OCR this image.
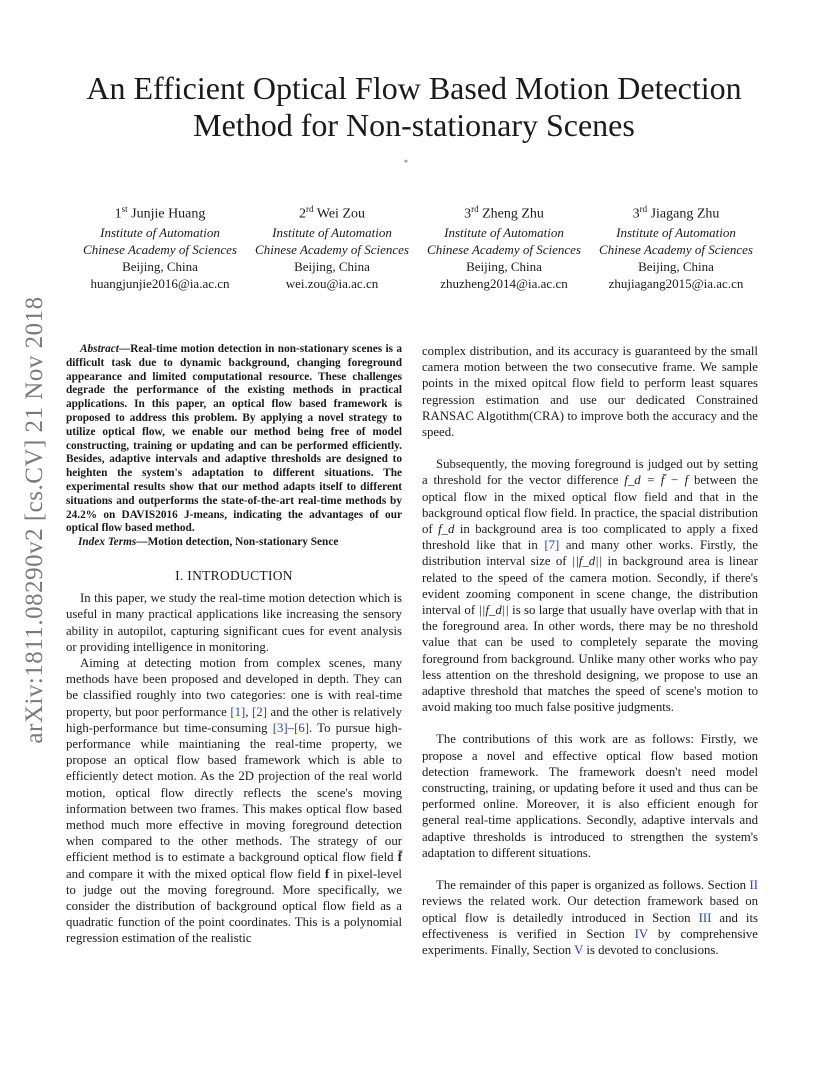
arXiv:1811.08290v2 [cs.CV] 21 Nov 2018
An Efficient Optical Flow Based Motion Detection Method for Non-stationary Scenes
*
1st Junjie Huang
Institute of Automation
Chinese Academy of Sciences
Beijing, China
huangjunjie2016@ia.ac.cn
2rd Wei Zou
Institute of Automation
Chinese Academy of Sciences
Beijing, China
wei.zou@ia.ac.cn
3rd Zheng Zhu
Institute of Automation
Chinese Academy of Sciences
Beijing, China
zhuzheng2014@ia.ac.cn
3rd Jiagang Zhu
Institute of Automation
Chinese Academy of Sciences
Beijing, China
zhujiagang2015@ia.ac.cn

Abstract—Real-time motion detection in non-stationary scenes is a difficult task due to dynamic background, changing foreground appearance and limited computational resource. These challenges degrade the performance of the existing methods in practical applications. In this paper, an optical flow based framework is proposed to address this problem. By applying a novel strategy to utilize optical flow, we enable our method being free of model constructing, training or updating and can be performed efficiently. Besides, adaptive intervals and adaptive thresholds are designed to heighten the system's adaptation to different situations. The experimental results show that our method adapts itself to different situations and outperforms the state-of-the-art real-time methods by 24.2% on DAVIS2016 J-means, indicating the advantages of our optical flow based method.

Index Terms—Motion detection, Non-stationary Sence

I. INTRODUCTION

In this paper, we study the real-time motion detection which is useful in many practical applications like increasing the sensory ability in autopilot, capturing significant cues for event analysis or providing intelligence in monitoring.

Aiming at detecting motion from complex scenes, many methods have been proposed and developed in depth. They can be classified roughly into two categories: one is with real-time property, but poor performance [1], [2] and the other is relatively high-performance but time-consuming [3]–[6]. To pursue high-performance while maintianing the real-time property, we propose an optical flow based framework which is able to efficiently detect motion. As the 2D projection of the real world motion, optical flow directly reflects the scene's moving information between two frames. This makes optical flow based method much more effective in moving foreground detection when compared to the other methods. The strategy of our efficient method is to estimate a background optical flow field f̄ and compare it with the mixed optical flow field f in pixel-level to judge out the moving foreground. More specifically, we consider the distribution of background optical flow field as a quadratic function of the point coordinates. This is a polynomial regression estimation of the realistic

complex distribution, and its accuracy is guaranteed by the small camera motion between the two consecutive frame. We sample points in the mixed opitcal flow field to perform least squares regression estimation and use our dedicated Constrained RANSAC Algotithm(CRA) to improve both the accuracy and the speed.

Subsequently, the moving foreground is judged out by setting a threshold for the vector difference f_d = f̄ − f between the optical flow in the mixed optical flow field and that in the background optical flow field. In practice, the spacial distribution of f_d in background area is too complicated to apply a fixed threshold like that in [7] and many other works. Firstly, the distribution interval size of ||f_d|| in background area is linear related to the speed of the camera motion. Secondly, if there's evident zooming component in scene change, the distribution interval of ||f_d|| is so large that usually have overlap with that in the foreground area. In other words, there may be no threshold value that can be used to completely separate the moving foreground from background. Unlike many other works who pay less attention on the threshold designing, we propose to use an adaptive threshold that matches the speed of scene's motion to avoid making too much false positive judgments.

The contributions of this work are as follows: Firstly, we propose a novel and effective optical flow based motion detection framework. The framework doesn't need model constructing, training, or updating before it used and thus can be performed online. Moreover, it is also efficient enough for general real-time applications. Secondly, adaptive intervals and adaptive thresholds is introduced to strengthen the system's adaptation to different situations.

The remainder of this paper is organized as follows. Section II reviews the related work. Our detection framework based on optical flow is detailedly introduced in Section III and its effectiveness is verified in Section IV by comprehensive experiments. Finally, Section V is devoted to conclusions.
